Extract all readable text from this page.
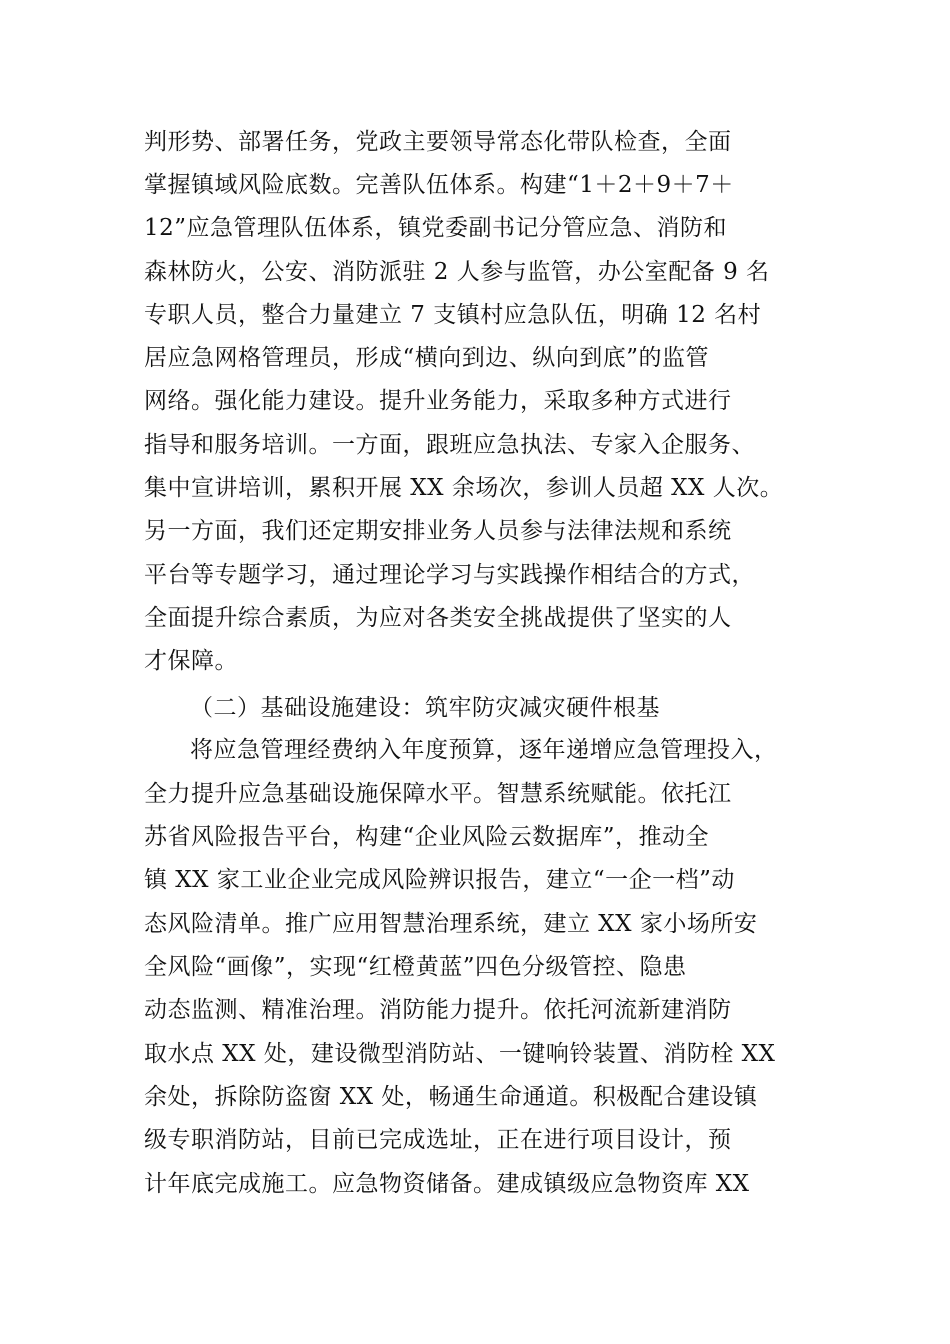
判形势、部署任务，党政主要领导常态化带队检查，全面
掌握镇域风险底数。完善队伍体系。构建“1＋2＋9＋7＋
12”应急管理队伍体系，镇党委副书记分管应急、消防和
森林防火，公安、消防派驻 2 人参与监管，办公室配备 9 名
专职人员，整合力量建立 7 支镇村应急队伍，明确 12 名村
居应急网格管理员，形成“横向到边、纵向到底”的监管
网络。强化能力建设。提升业务能力，采取多种方式进行
指导和服务培训。一方面，跟班应急执法、专家入企服务、
集中宣讲培训，累积开展 XX 余场次，参训人员超 XX 人次。
另一方面，我们还定期安排业务人员参与法律法规和系统
平台等专题学习，通过理论学习与实践操作相结合的方式，
全面提升综合素质，为应对各类安全挑战提供了坚实的人
才保障。
（二）基础设施建设：筑牢防灾减灾硬件根基
将应急管理经费纳入年度预算，逐年递增应急管理投入，
全力提升应急基础设施保障水平。智慧系统赋能。依托江
苏省风险报告平台，构建“企业风险云数据库”，推动全
镇 XX 家工业企业完成风险辨识报告，建立“一企一档”动
态风险清单。推广应用智慧治理系统，建立 XX 家小场所安
全风险“画像”，实现“红橙黄蓝”四色分级管控、隐患
动态监测、精准治理。消防能力提升。依托河流新建消防
取水点 XX 处，建设微型消防站、一键响铃装置、消防栓 XX
余处，拆除防盗窗 XX 处，畅通生命通道。积极配合建设镇
级专职消防站，目前已完成选址，正在进行项目设计，预
计年底完成施工。应急物资储备。建成镇级应急物资库 XX
